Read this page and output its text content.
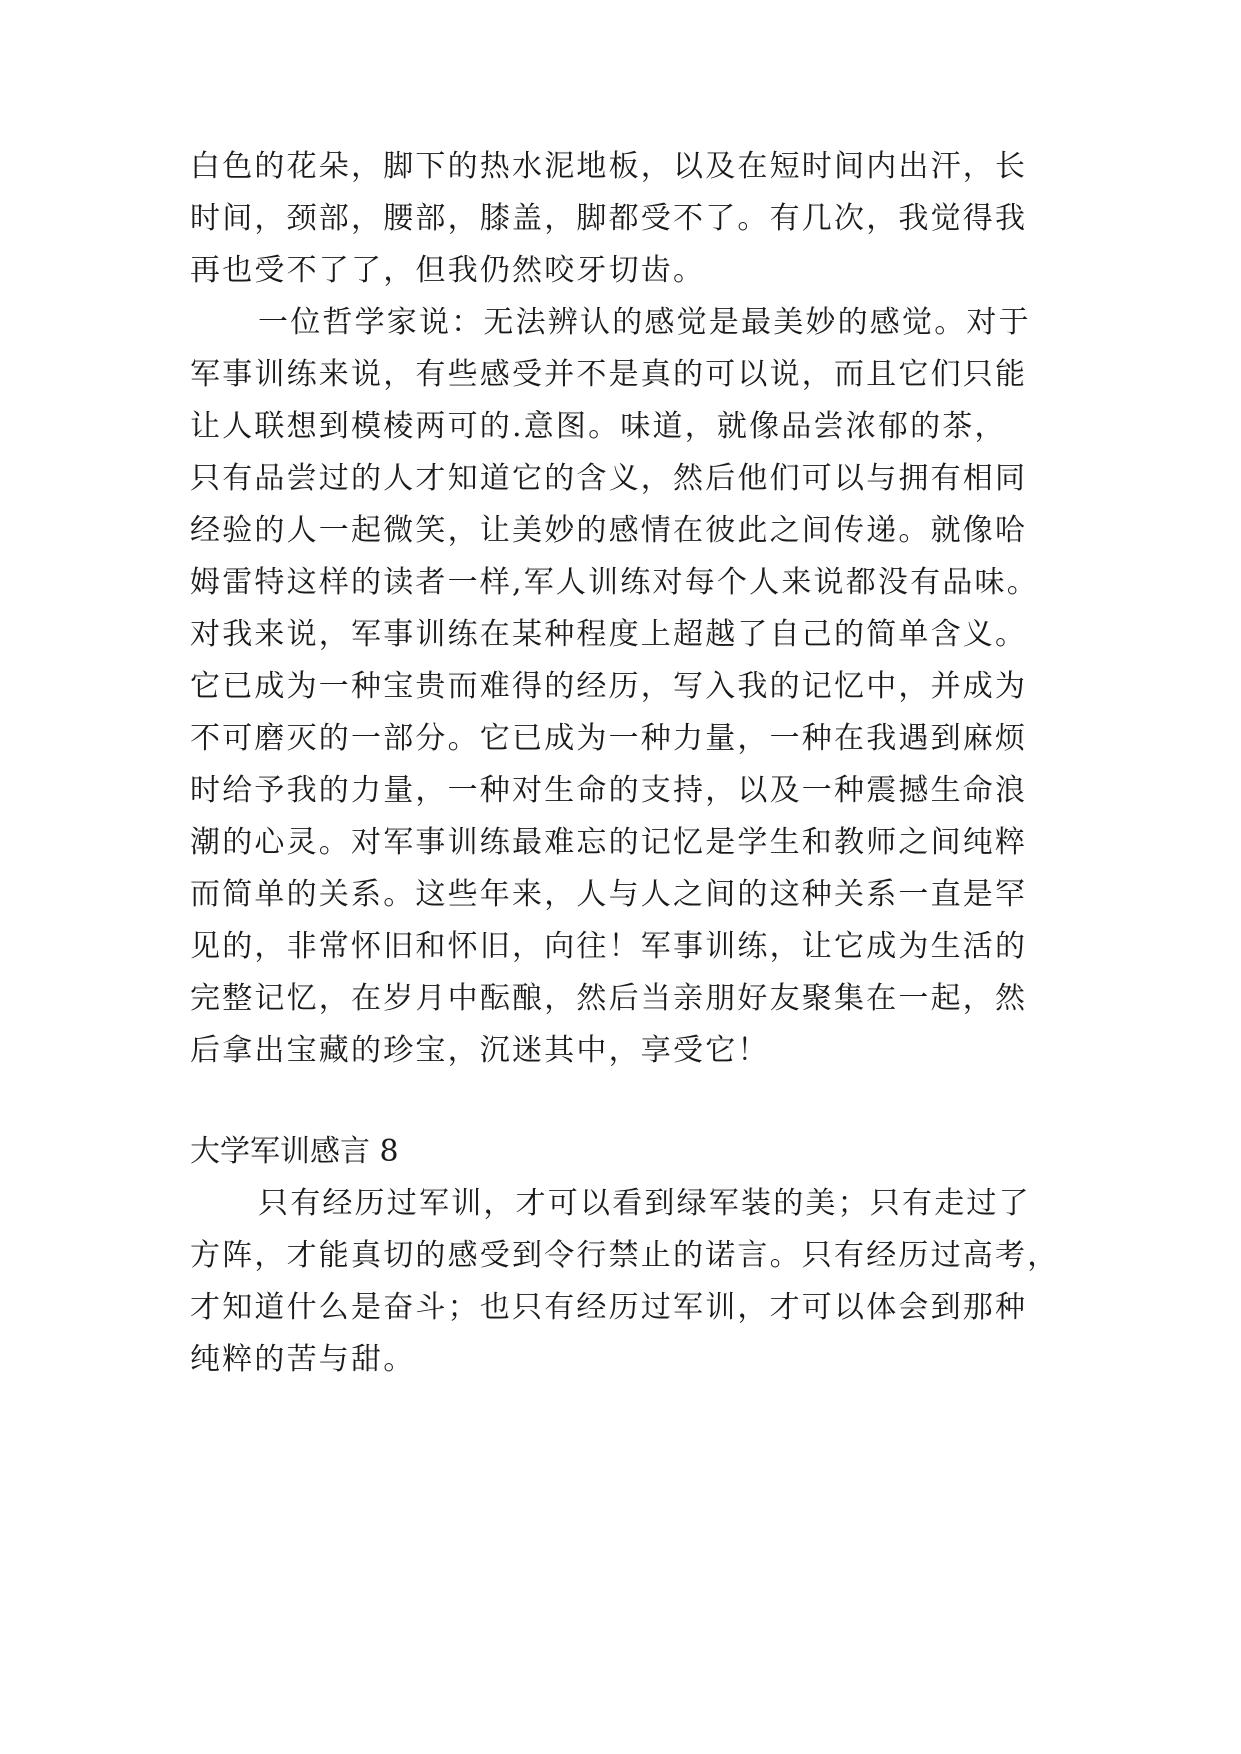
白色的花朵，脚下的热水泥地板，以及在短时间内出汗，长
时间，颈部，腰部，膝盖，脚都受不了。有几次，我觉得我
再也受不了了，但我仍然咬牙切齿。
一位哲学家说：无法辨认的感觉是最美妙的感觉。对于
军事训练来说，有些感受并不是真的可以说，而且它们只能
让人联想到模棱两可的.意图。味道，就像品尝浓郁的茶，
只有品尝过的人才知道它的含义，然后他们可以与拥有相同
经验的人一起微笑，让美妙的感情在彼此之间传递。就像哈
姆雷特这样的读者一样,军人训练对每个人来说都没有品味。
对我来说，军事训练在某种程度上超越了自己的简单含义。
它已成为一种宝贵而难得的经历，写入我的记忆中，并成为
不可磨灭的一部分。它已成为一种力量，一种在我遇到麻烦
时给予我的力量，一种对生命的支持，以及一种震撼生命浪
潮的心灵。对军事训练最难忘的记忆是学生和教师之间纯粹
而简单的关系。这些年来，人与人之间的这种关系一直是罕
见的，非常怀旧和怀旧，向往！军事训练，让它成为生活的
完整记忆，在岁月中酝酿，然后当亲朋好友聚集在一起，然
后拿出宝藏的珍宝，沉迷其中，享受它！
大学军训感言 8
只有经历过军训，才可以看到绿军装的美；只有走过了
方阵，才能真切的感受到令行禁止的诺言。只有经历过高考，
才知道什么是奋斗；也只有经历过军训，才可以体会到那种
纯粹的苦与甜。
